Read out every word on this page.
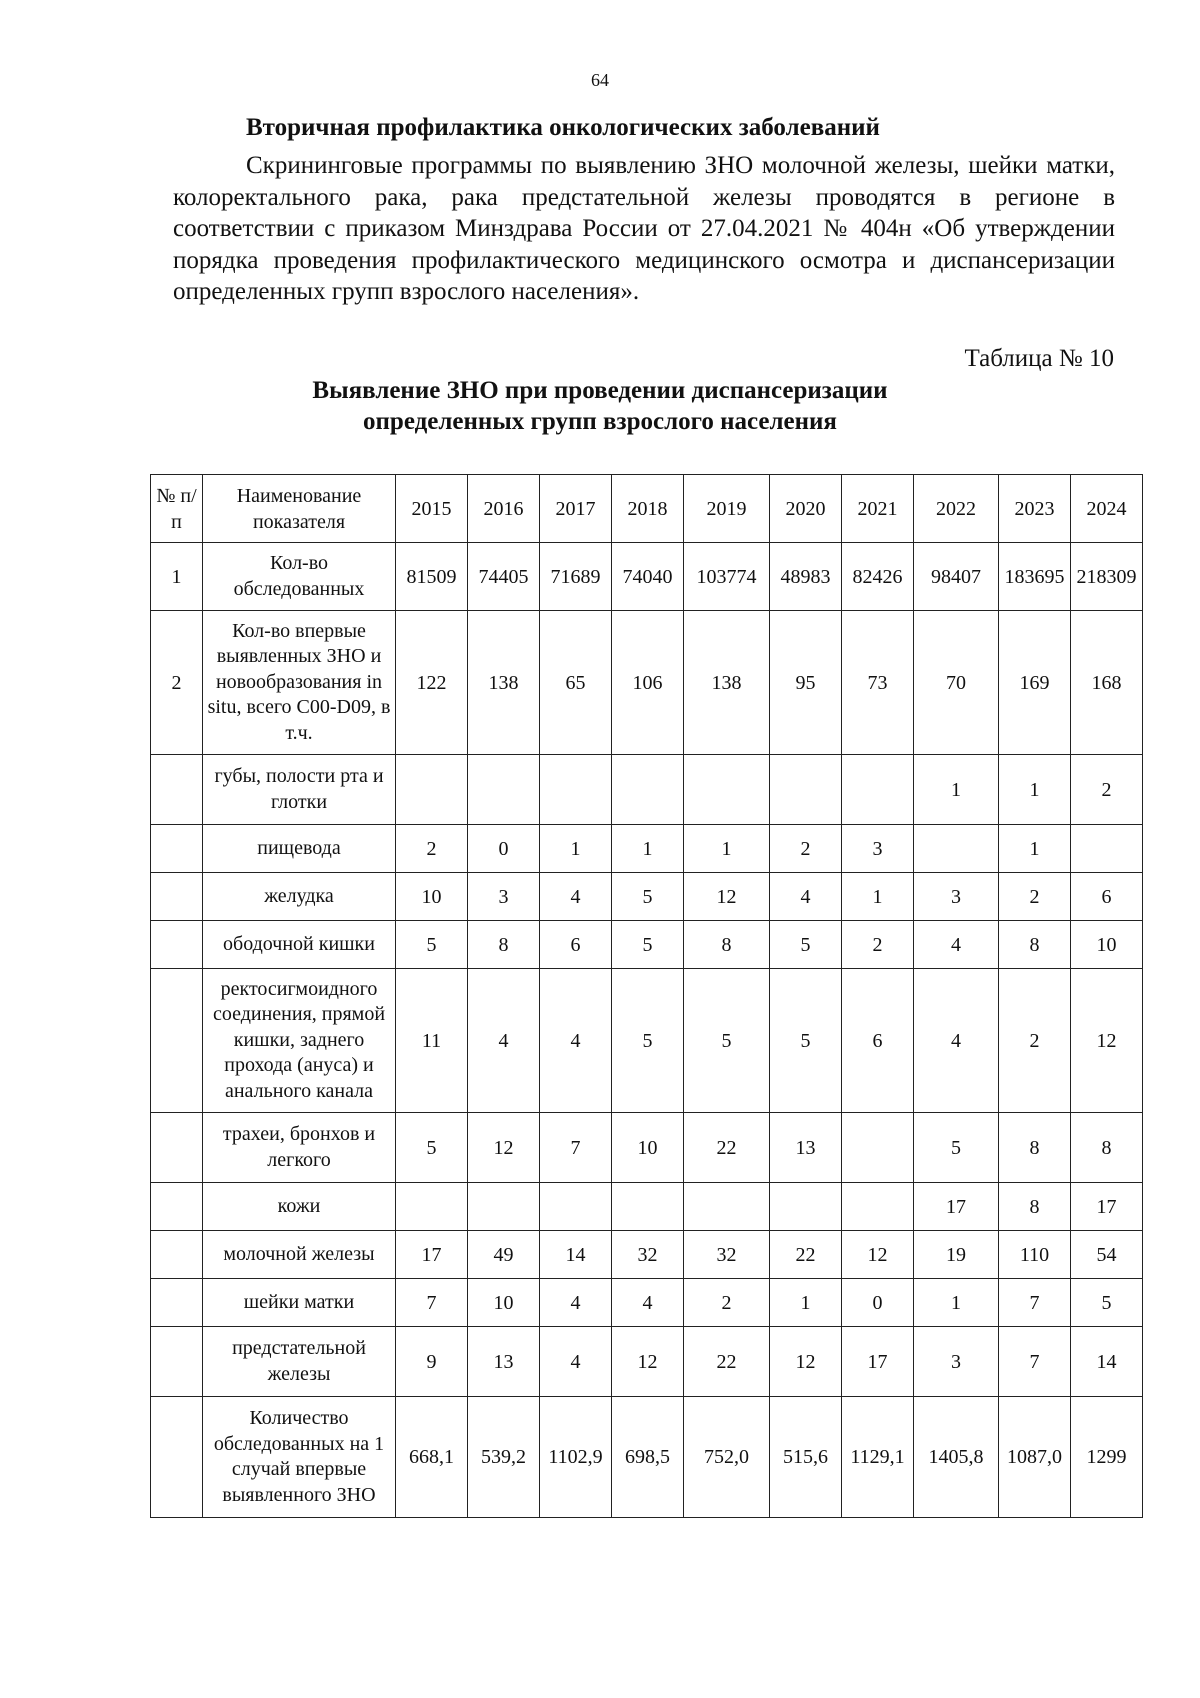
64
Вторичная профилактика онкологических заболеваний

Скрининговые программы по выявлению ЗНО молочной железы, шейки матки, колоректального рака, рака предстательной железы проводятся в регионе в соответствии с приказом Минздрава России от 27.04.2021 № 404н «Об утверждении порядка проведения профилактического медицинского осмотра и диспансеризации определенных групп взрослого населения».

Таблица № 10
Выявление ЗНО при проведении диспансеризации
определенных групп взрослого населения
№ п/п	Наименование показателя	2015	2016	2017	2018	2019	2020	2021	2022	2023	2024
1	Кол-во обследованных	81509	74405	71689	74040	103774	48983	82426	98407	183695	218309
2	Кол-во впервые выявленных ЗНО и новообразования in situ, всего С00-D09, в т.ч.	122	138	65	106	138	95	73	70	169	168
	губы, полости рта и глотки								1	1	2
	пищевода	2	0	1	1	1	2	3		1	
	желудка	10	3	4	5	12	4	1	3	2	6
	ободочной кишки	5	8	6	5	8	5	2	4	8	10
	ректосигмоидного соединения, прямой кишки, заднего прохода (ануса) и анального канала	11	4	4	5	5	5	6	4	2	12
	трахеи, бронхов и легкого	5	12	7	10	22	13		5	8	8
	кожи								17	8	17
	молочной железы	17	49	14	32	32	22	12	19	110	54
	шейки матки	7	10	4	4	2	1	0	1	7	5
	предстательной железы	9	13	4	12	22	12	17	3	7	14
	Количество обследованных на 1 случай впервые выявленного ЗНО	668,1	539,2	1102,9	698,5	752,0	515,6	1129,1	1405,8	1087,0	1299
